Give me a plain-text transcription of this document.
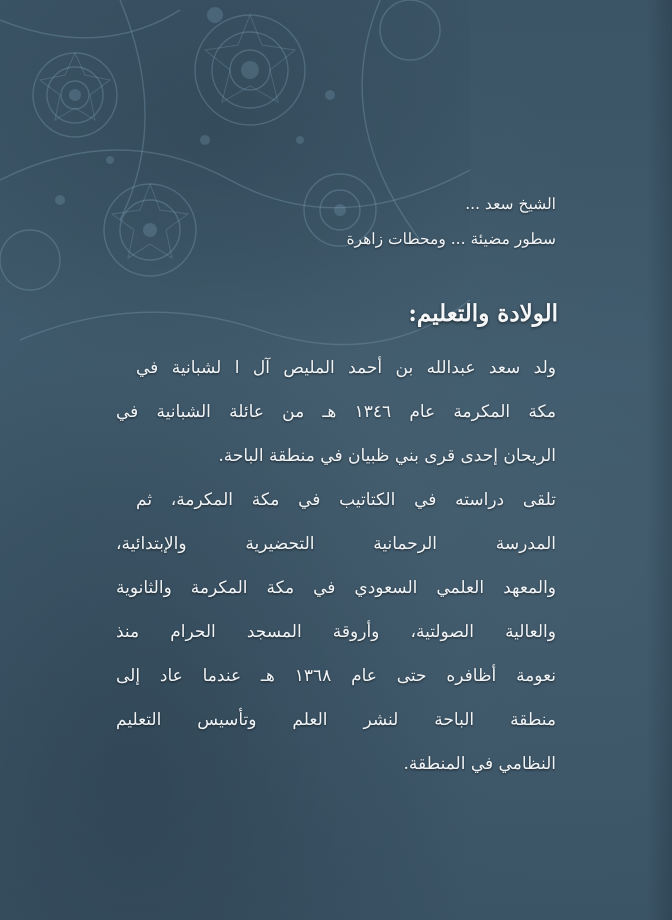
الشيخ سعد ...
سطور مضيئة ... ومحطات زاهرة
الولادة والتعليم:
ولد سعد عبدالله بن أحمد المليص آل ا لشبانية في
مكة المكرمة عام ١٣٤٦ هـ من عائلة الشبانية في
الريحان إحدى قرى بني ظبيان في منطقة الباحة.
تلقى دراسته في الكتاتيب في مكة المكرمة، ثم
المدرسة الرحمانية التحضيرية والإبتدائية،
والمعهد العلمي السعودي في مكة المكرمة والثانوية
والعالية الصولتية، وأروقة المسجد الحرام منذ
نعومة أظافره حتى عام ١٣٦٨ هـ عندما عاد إلى
منطقة الباحة لنشر العلم وتأسيس التعليم
النظامي في المنطقة.
